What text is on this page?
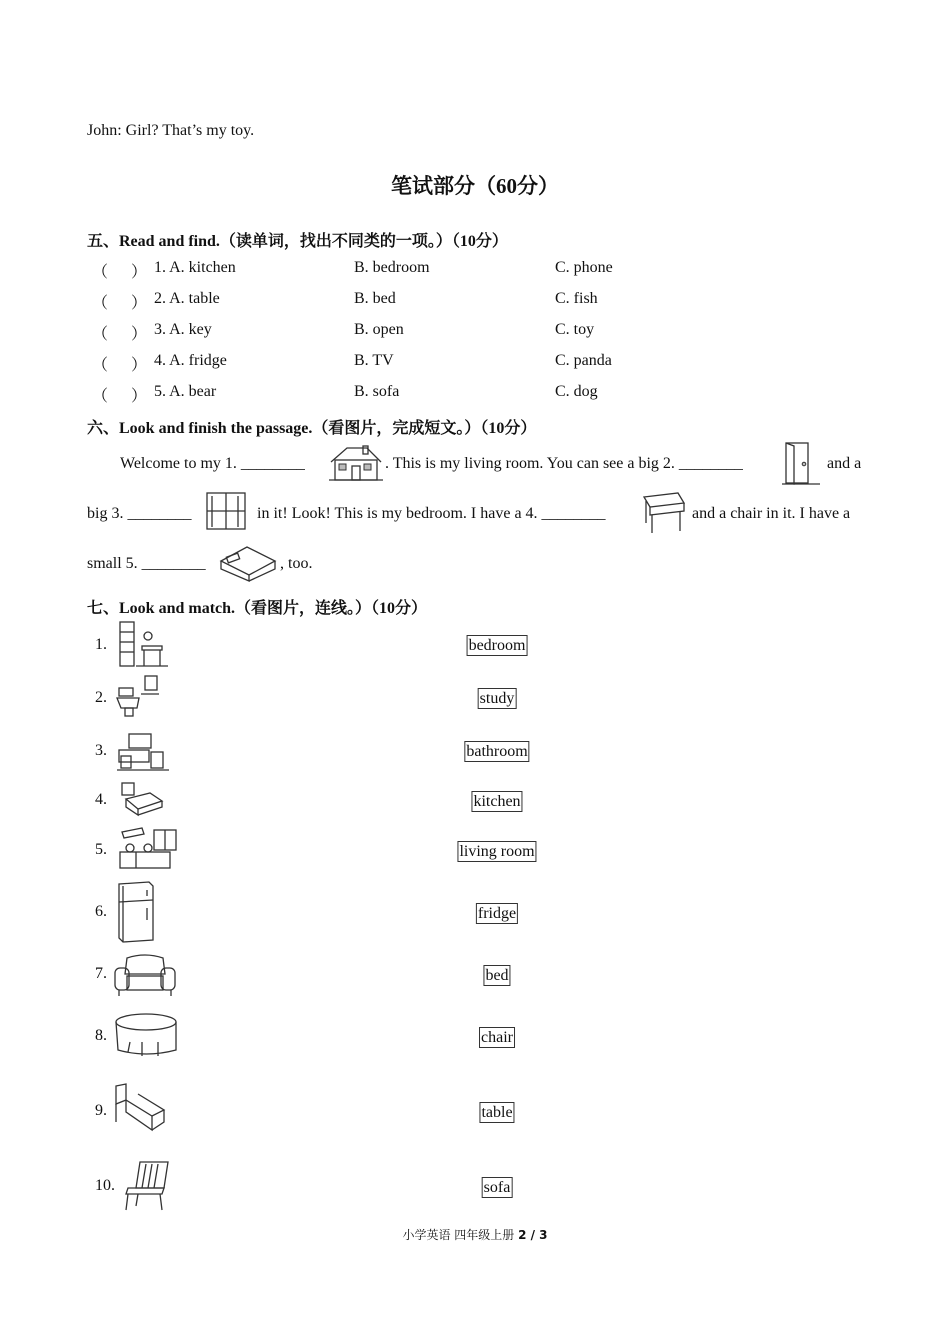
John: Girl? That’s my toy.
笔试部分（60分）
五、Read and find.（读单词，找出不同类的一项。）（10分）
（ ） 1. A. kitchen	B. bedroom	C. phone
（ ） 2. A. table	B. bed	C. fish
（ ） 3. A. key	B. open	C. toy
（ ） 4. A. fridge	B. TV	C. panda
（ ） 5. A. bear	B. sofa	C. dog
六、Look and finish the passage.（看图片，完成短文。）（10分）
Welcome to my 1. ________	. This is my living room. You can see a big 2. ________	and a
big 3. ________	in it! Look! This is my bedroom. I have a 4. ________	and a chair in it. I have a
small 5. ________	, too.
七、Look and match.（看图片，连线。）（10分）
1.
2.
3.
4.
5.
6.
7.
8.
9.
10.
bedroom
study
bathroom
kitchen
living room
fridge
bed
chair
table
sofa
小学英语 四年级上册 2 / 3
